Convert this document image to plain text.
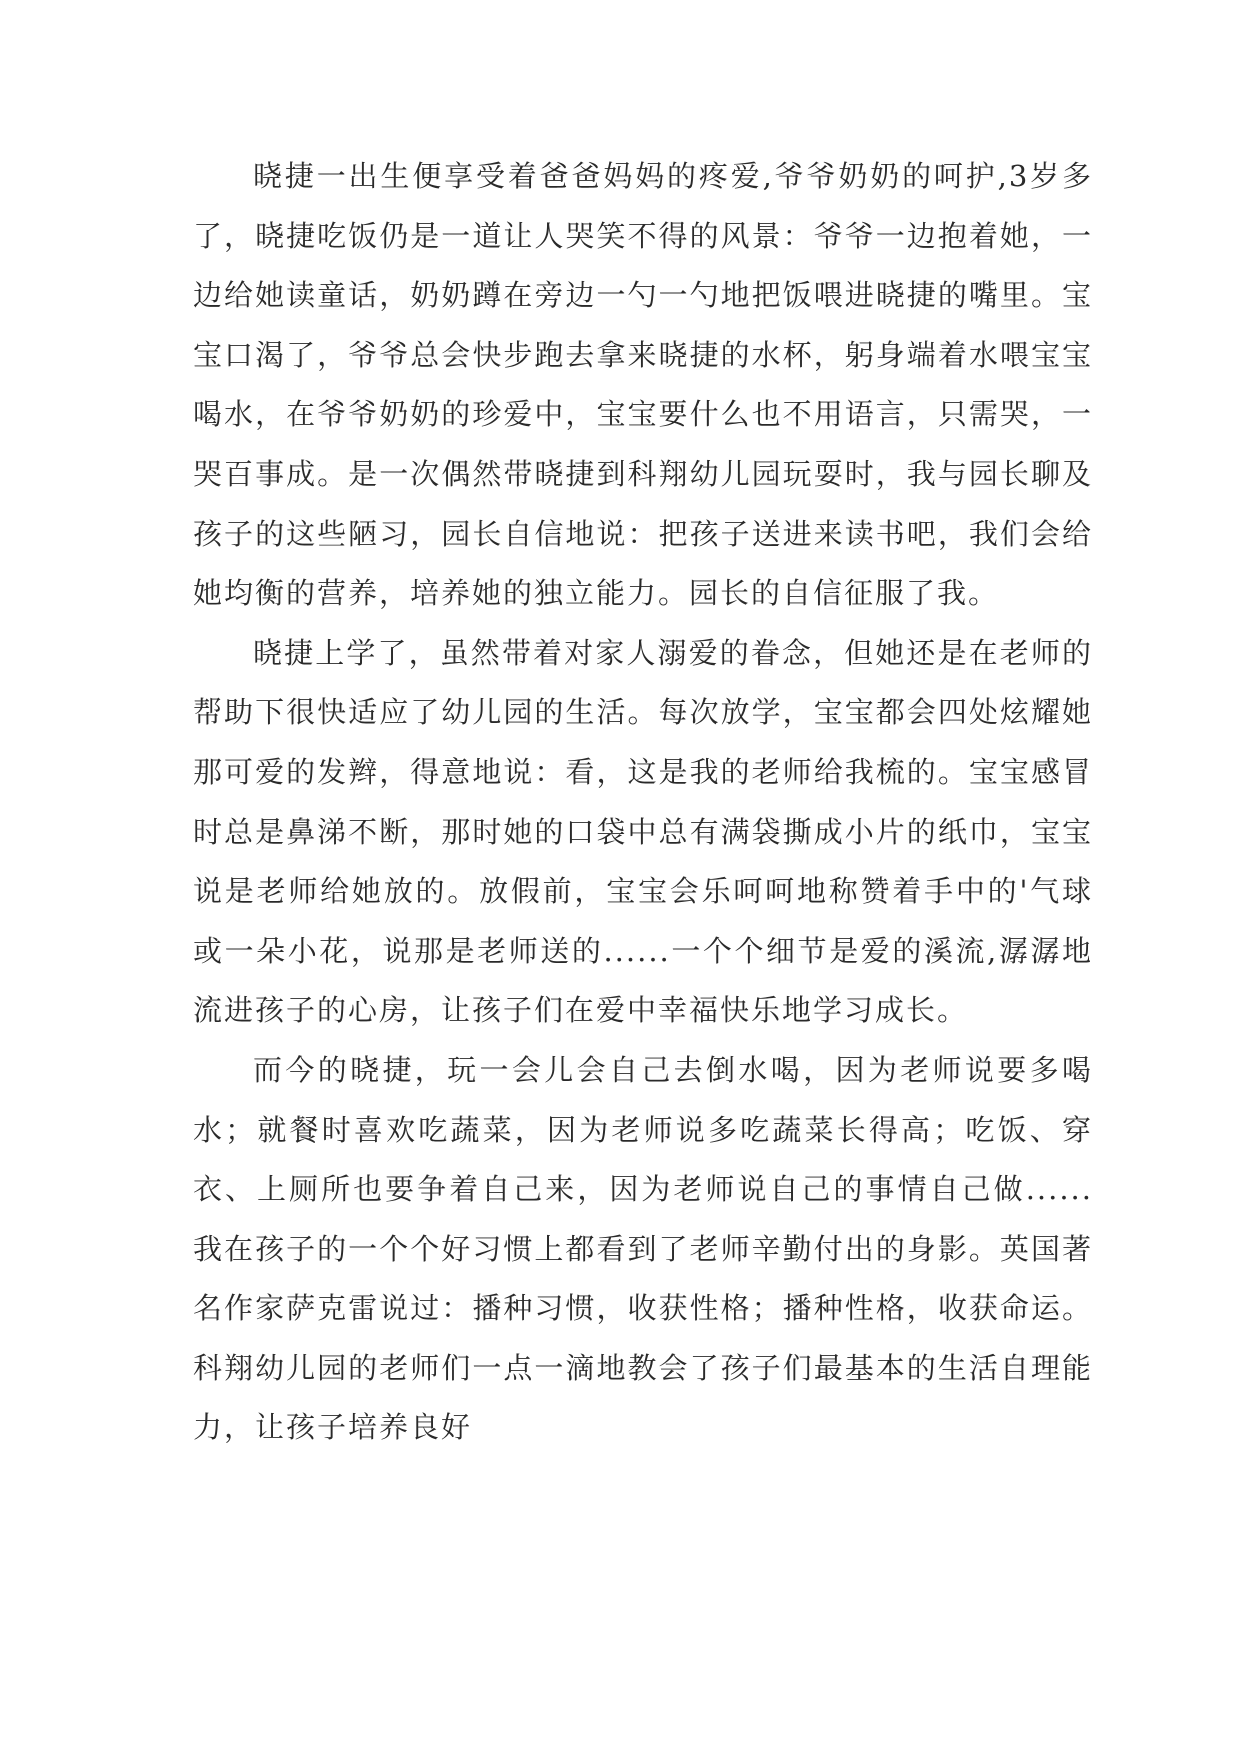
晓捷一出生便享受着爸爸妈妈的疼爱,爷爷奶奶的呵护,3岁多了，晓捷吃饭仍是一道让人哭笑不得的风景：爷爷一边抱着她，一边给她读童话，奶奶蹲在旁边一勺一勺地把饭喂进晓捷的嘴里。宝宝口渴了，爷爷总会快步跑去拿来晓捷的水杯，躬身端着水喂宝宝喝水，在爷爷奶奶的珍爱中，宝宝要什么也不用语言，只需哭，一哭百事成。是一次偶然带晓捷到科翔幼儿园玩耍时，我与园长聊及孩子的这些陋习，园长自信地说：把孩子送进来读书吧，我们会给她均衡的营养，培养她的独立能力。园长的自信征服了我。

晓捷上学了，虽然带着对家人溺爱的眷念，但她还是在老师的帮助下很快适应了幼儿园的生活。每次放学，宝宝都会四处炫耀她那可爱的发辫，得意地说：看，这是我的老师给我梳的。宝宝感冒时总是鼻涕不断，那时她的口袋中总有满袋撕成小片的纸巾，宝宝说是老师给她放的。放假前，宝宝会乐呵呵地称赞着手中的'气球或一朵小花，说那是老师送的......一个个细节是爱的溪流,潺潺地流进孩子的心房，让孩子们在爱中幸福快乐地学习成长。

而今的晓捷，玩一会儿会自己去倒水喝，因为老师说要多喝水；就餐时喜欢吃蔬菜，因为老师说多吃蔬菜长得高；吃饭、穿衣、上厕所也要争着自己来，因为老师说自己的事情自己做......我在孩子的一个个好习惯上都看到了老师辛勤付出的身影。英国著名作家萨克雷说过：播种习惯，收获性格；播种性格，收获命运。科翔幼儿园的老师们一点一滴地教会了孩子们最基本的生活自理能力，让孩子培养良好
